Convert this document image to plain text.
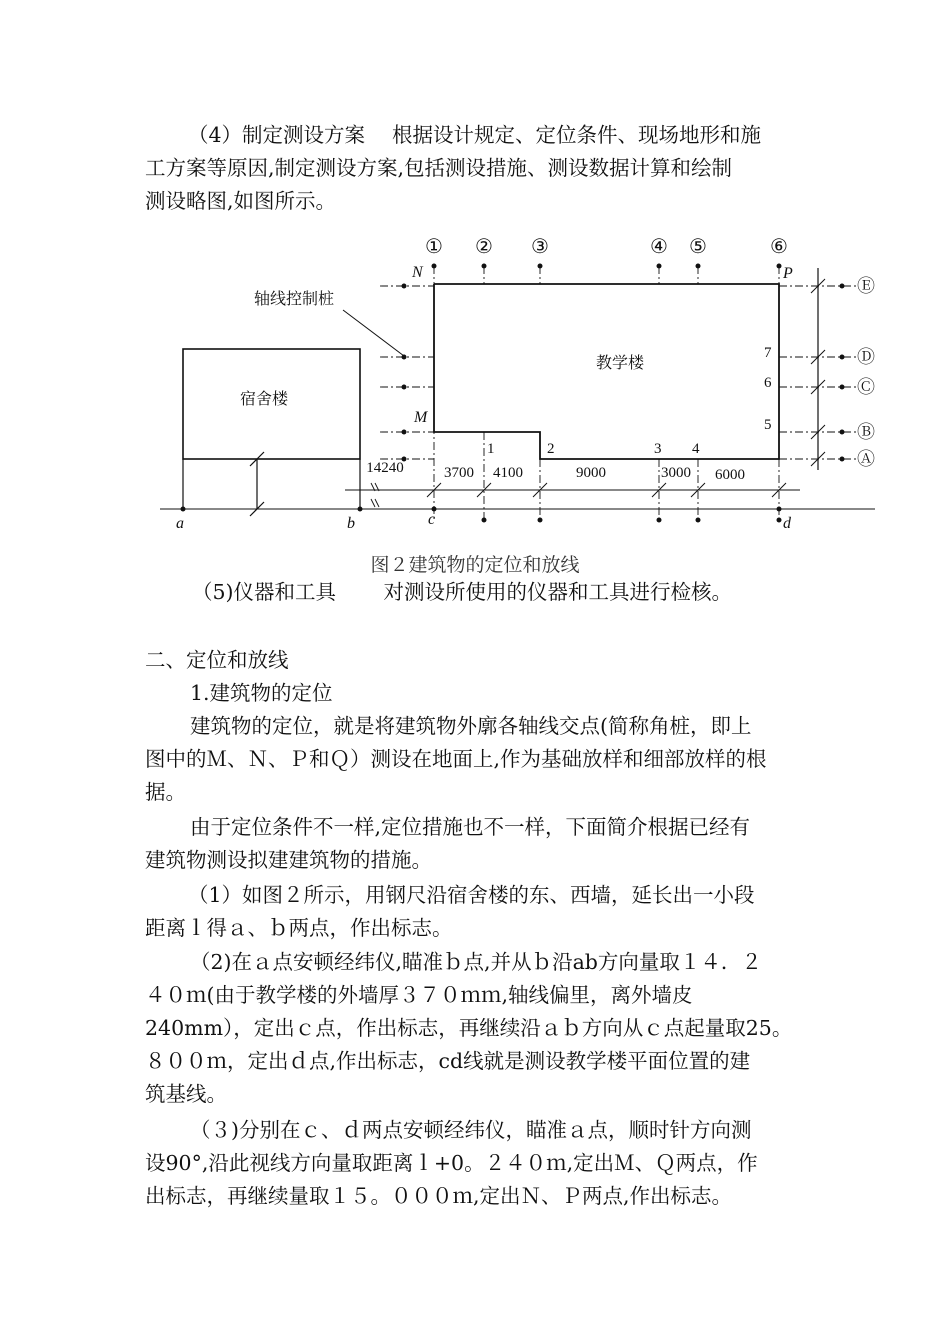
（4）制定测设方案　 根据设计规定、定位条件、现场地形和施
工方案等原因,制定测设方案,包括测设措施、测设数据计算和绘制
测设略图,如图所示。
① ② ③	④ ⑤	⑥
Ⓔ
Ⓓ
Ⓒ
Ⓑ
Ⓐ
N	P
M
a	b	c	d
轴线控制桩
教学楼
宿舍楼
14240	3700 4100	9000	3000 6000
1	2	3 4
7
6
5
图２建筑物的定位和放线
（5)仪器和工具　　 对测设所使用的仪器和工具进行检核。
二、定位和放线
1.建筑物的定位
建筑物的定位，就是将建筑物外廓各轴线交点(简称角桩，即上
图中的Ｍ、Ｎ、Ｐ和Ｑ）测设在地面上,作为基础放样和细部放样的根
据。
由于定位条件不一样,定位措施也不一样，下面简介根据已经有
建筑物测设拟建建筑物的措施。
（1）如图２所示，用钢尺沿宿舍楼的东、西墙，延长出一小段
距离ｌ得ａ、ｂ两点，作出标志。
（2)在ａ点安顿经纬仪,瞄准ｂ点,并从ｂ沿ab方向量取１４．２
４０ｍ(由于教学楼的外墙厚３７０ｍｍ,轴线偏里，离外墙皮
240mm），定出ｃ点，作出标志，再继续沿ａｂ方向从ｃ点起量取25。
８００ｍ，定出ｄ点,作出标志，cd线就是测设教学楼平面位置的建
筑基线。
（３)分别在ｃ、ｄ两点安顿经纬仪，瞄准ａ点，顺时针方向测
设90°,沿此视线方向量取距离ｌ+0。２４０ｍ,定出Ｍ、Ｑ两点，作
出标志，再继续量取１５。０００ｍ,定出Ｎ、Ｐ两点,作出标志。
